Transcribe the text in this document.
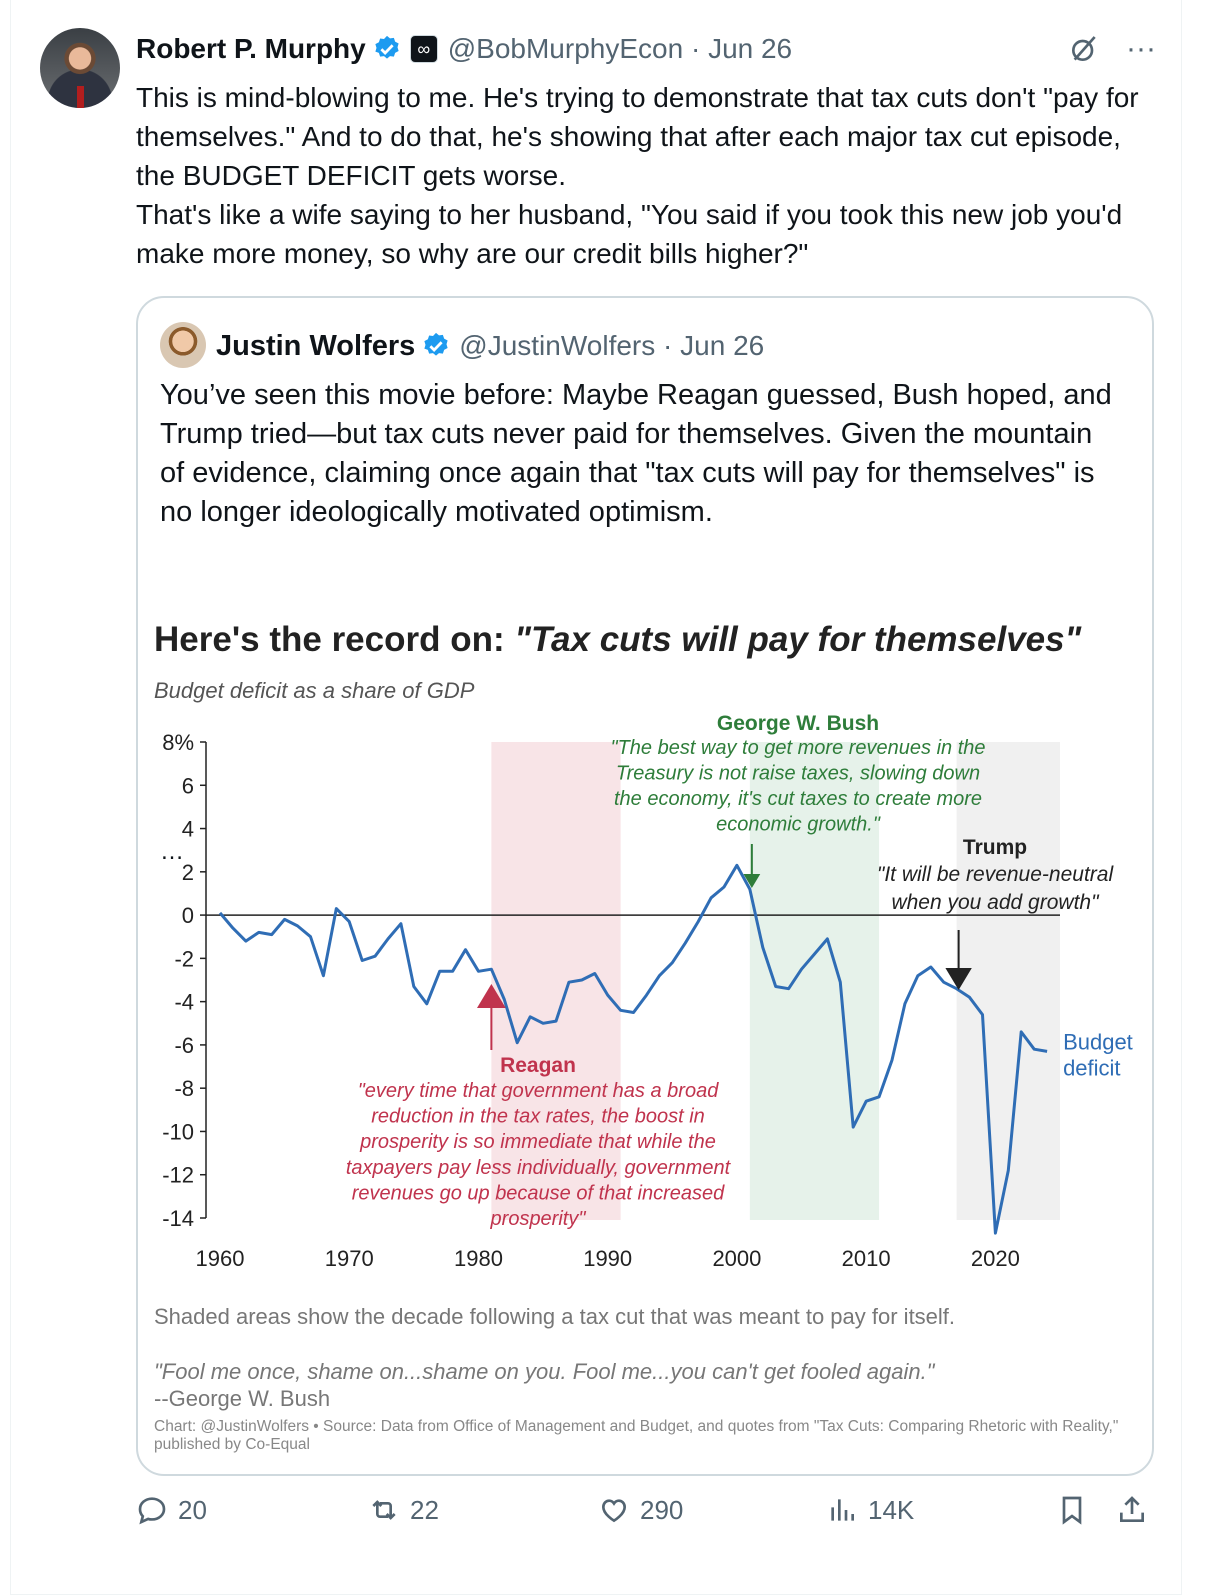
Robert P. Murphy	∞ @BobMurphyEcon · Jun 26	···

This is mind-blowing to me. He's trying to demonstrate that tax cuts don't "pay for themselves." And to do that, he's showing that after each major tax cut episode, the BUDGET DEFICIT gets worse.
That's like a wife saying to her husband, "You said if you took this new job you'd make more money, so why are our credit bills higher?"

Justin Wolfers @JustinWolfers · Jun 26

You’ve seen this movie before: Maybe Reagan guessed, Bush hoped, and Trump tried—but tax cuts never paid for themselves. Given the mountain of evidence, claiming once again that "tax cuts will pay for themselves" is no longer ideologically motivated optimism.

…
Here's the record on: "Tax cuts will pay for themselves"
Budget deficit as a share of GDP
8%
6
4
2
0
-2
-4
-6
-8
-10
-12
-14
1960	1970	1980	1990	2000	2010	2020
Budget
deficit
George W. Bush
"The best way to get more revenues in the
Treasury is not raise taxes, slowing down
the economy, it's cut taxes to create more
economic growth."
Trump
"It will be revenue-neutral
when you add growth"
Reagan
"every time that government has a broad
reduction in the tax rates, the boost in
prosperity is so immediate that while the
taxpayers pay less individually, government
revenues go up because of that increased
prosperity"
Shaded areas show the decade following a tax cut that was meant to pay for itself.
"Fool me once, shame on...shame on you. Fool me...you can't get fooled again."
--George W. Bush
Chart: @JustinWolfers • Source: Data from Office of Management and Budget, and quotes from "Tax Cuts: Comparing Rhetoric with Reality," published by Co-Equal
20	22	290	14K
